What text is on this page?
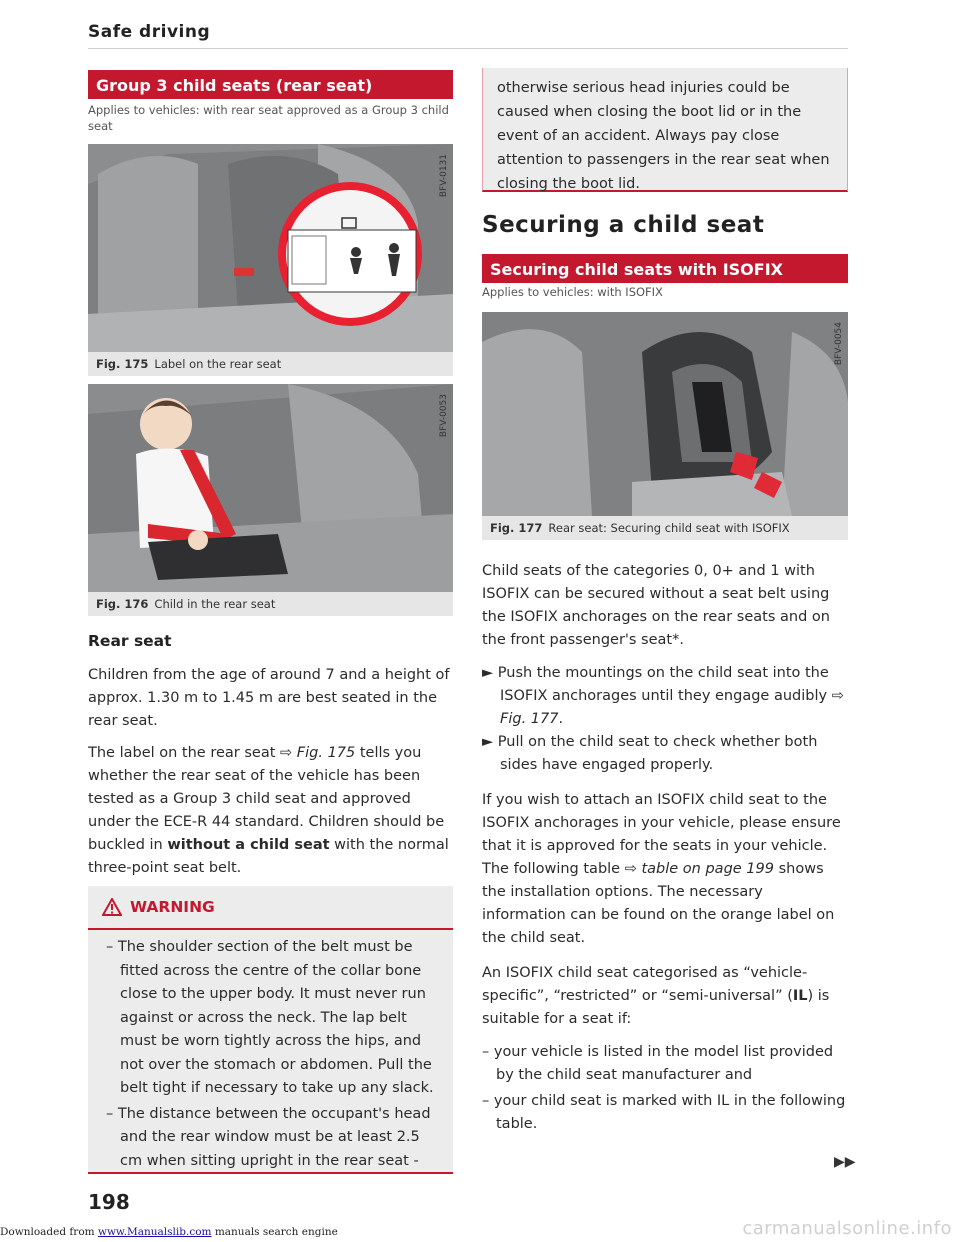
Safe driving
Group 3 child seats (rear seat)
Applies to vehicles: with rear seat approved as a Group 3 child seat
BFV-0131
Fig. 175 Label on the rear seat
BFV-0053
Fig. 176 Child in the rear seat
Rear seat

Children from the age of around 7 and a height of approx. 1.30 m to 1.45 m are best seated in the rear seat.

The label on the rear seat ⇨ Fig. 175 tells you whether the rear seat of the vehicle has been tested as a Group 3 child seat and approved under the ECE-R 44 standard. Children should be buckled in without a child seat with the normal three-point seat belt.

WARNING
– The shoulder section of the belt must be fitted across the centre of the collar bone close to the upper body. It must never run against or across the neck. The lap belt must be worn tightly across the hips, and not over the stomach or abdomen. Pull the belt tight if necessary to take up any slack.
– The distance between the occupant's head and the rear window must be at least 2.5 cm when sitting upright in the rear seat -

otherwise serious head injuries could be caused when closing the boot lid or in the event of an accident. Always pay close attention to passengers in the rear seat when closing the boot lid.

Securing a child seat
Securing child seats with ISOFIX
Applies to vehicles: with ISOFIX
BFV-0054
Fig. 177 Rear seat: Securing child seat with ISOFIX

Child seats of the categories 0, 0+ and 1 with ISOFIX can be secured without a seat belt using the ISOFIX anchorages on the rear seats and on the front passenger's seat*.

► Push the mountings on the child seat into the ISOFIX anchorages until they engage audibly ⇨ Fig. 177.
► Pull on the child seat to check whether both sides have engaged properly.

If you wish to attach an ISOFIX child seat to the ISOFIX anchorages in your vehicle, please ensure that it is approved for the seats in your vehicle. The following table ⇨ table on page 199 shows the installation options. The necessary information can be found on the orange label on the child seat.

An ISOFIX child seat categorised as “vehicle-specific”, “restricted” or “semi-universal” (IL) is suitable for a seat if:

– your vehicle is listed in the model list provided by the child seat manufacturer and
– your child seat is marked with IL in the following table.
▶▶
198
Downloaded from www.Manualslib.com manuals search engine	carmanualsonline.info
